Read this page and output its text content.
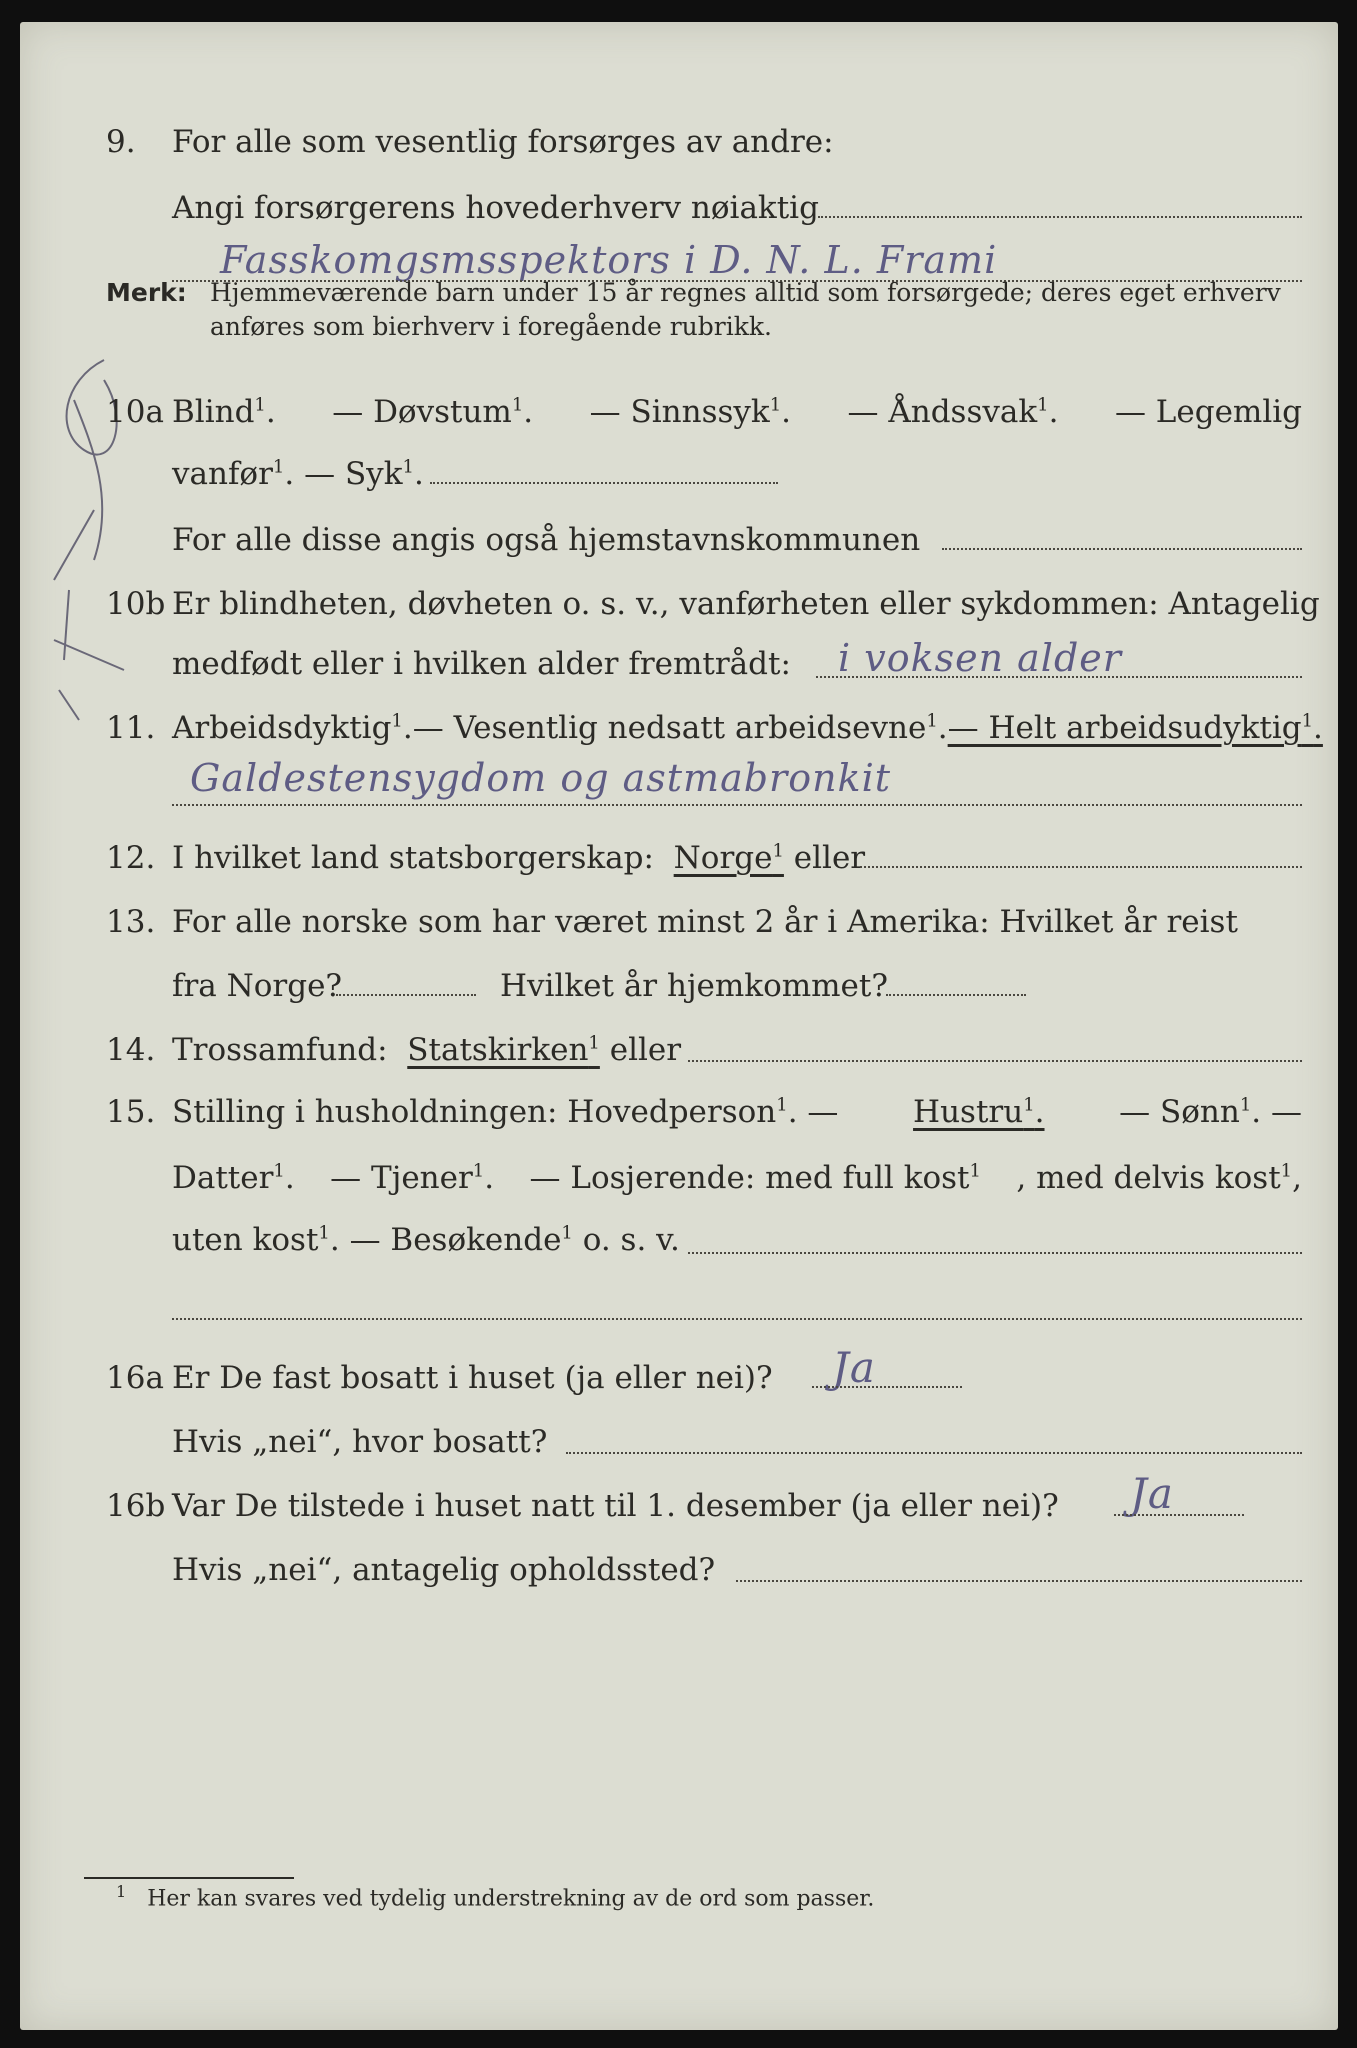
9.	For alle som vesentlig forsørges av andre:
Angi forsørgerens hovederhverv nøiaktig
Fasskomgsmsspektors i D. N. L. Frami
Merk: Hjemmeværende barn under 15 år regnes alltid som forsørgede; deres eget erhverv anføres som bierhverv i foregående rubrikk.
10a Blind$^1$. — Døvstum$^1$. — Sinnssyk$^1$. — Åndssvak$^1$. — Legemlig
vanfør$^1$.
— Syk$^1$.
For alle disse angis også hjemstavnskommunen
10b Er blindheten, døvheten o. s. v., vanførheten eller sykdommen: Antagelig
medfødt eller i hvilken alder fremtrådt: i voksen alder
11. Arbeidsdyktig$^1$. — Vesentlig nedsatt arbeidsevne$^1$. — Helt arbeidsudyktig$^1$.
Galdestensygdom og astmabronkit
12. I hvilket land statsborgerskap:
Norge$^1$
eller
13. For alle norske som har været minst 2 år i Amerika: Hvilket år reist
fra Norge?	Hvilket år hjemkommet?
14. Trossamfund:
Statskirken$^1$
eller
15. Stilling i husholdningen: Hovedperson$^1$. — Hustru$^1$. — Sønn$^1$. —
Datter$^1$. — Tjener$^1$. — Losjerende: med full kost$^1$ , med delvis kost$^1$,
uten kost$^1$.
— Besøkende$^1$
o. s. v.
16a Er De fast bosatt i huset (ja eller nei)? Ja
Hvis „nei“, hvor bosatt?
16b Var De tilstede i huset natt til 1. desember (ja eller nei)? Ja
Hvis „nei“, antagelig opholdssted?
$^1$ Her kan svares ved tydelig understrekning av de ord som passer.
